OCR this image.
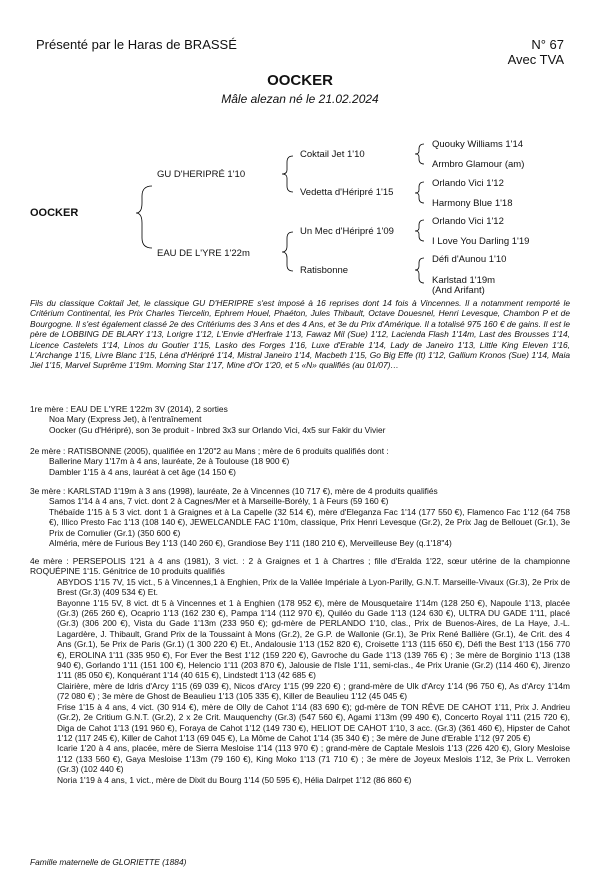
Présenté par le Haras de BRASSÉ	N° 67
Avec TVA
OOCKER
Mâle alezan né le 21.02.2024
OOCKER
GU D'HERIPRÉ 1'10
EAU DE L'YRE 1'22m
Coktail Jet 1'10
Vedetta d'Héripré 1'15
Un Mec d'Héripré 1'09
Ratisbonne
Quouky Williams 1'14
Armbro Glamour (am)
Orlando Vici 1'12
Harmony Blue 1'18
Orlando Vici 1'12
I Love You Darling 1'19
Défi d'Aunou 1'10
Karlstad 1'19m
(And Arifant)
Fils du classique Coktail Jet, le classique GU D'HERIPRE s'est imposé à 16 reprises dont 14 fois à Vincennes. Il a notamment remporté le Critérium Continental, les Prix Charles Tiercelin, Ephrem Houel, Phaéton, Jules Thibault, Octave Douesnel, Henri Levesque, Chambon P et de Bourgogne. Il s'est également classé 2e des Critériums des 3 Ans et des 4 Ans, et 3e du Prix d'Amérique. Il a totalisé 975 160 € de gains. Il est le père de LOBBING DE BLARY 1'13, Lorigre 1'12, L'Envie d'Herfraie 1'13, Fawaz Mil (Sue) 1'12, Lacienda Flash 1'14m, Last des Brousses 1'14, Licence Castelets 1'14, Linos du Goutier 1'15, Lasko des Forges 1'16, Luxe d'Erable 1'14, Lady de Janeiro 1'13, Little King Eleven 1'16, L'Archange 1'15, Livre Blanc 1'15, Léna d'Héripré 1'14, Mistral Janeiro 1'14, Macbeth 1'15, Go Big Effe (It) 1'12, Gallium Kronos (Sue) 1'14, Maia Jiel 1'15, Marvel Suprême 1'19m. Morning Star 1'17, Mine d'Or 1'20, et 5 «N» qualifiés (au 01/07)…
1re mère : EAU DE L'YRE 1'22m 3V (2014), 2 sorties
Noa Mary (Express Jet), à l'entraînement
Oocker (Gu d'Héripré), son 3e produit - Inbred 3x3 sur Orlando Vici, 4x5 sur Fakir du Vivier
2e mère : RATISBONNE (2005), qualifiée en 1'20"2 au Mans ; mère de 6 produits qualifiés dont :
Ballerine Mary 1'17m à 4 ans, lauréate, 2e à Toulouse (18 900 €)
Dambler 1'15 à 4 ans, lauréat à cet âge (14 150 €)
3e mère : KARLSTAD 1'19m à 3 ans (1998), lauréate, 2e à Vincennes (10 717 €), mère de 4 produits qualifiés
Samos 1'14 à 4 ans, 7 vict. dont 2 à Cagnes/Mer et à Marseille-Borély, 1 à Feurs (59 160 €)
Thébaïde 1'15 à 5 3 vict. dont 1 à Graignes et à La Capelle (32 514 €), mère d'Eleganza Fac 1'14 (177 550 €), Flamenco Fac 1'12 (64 758 €), Illico Presto Fac 1'13 (108 140 €), JEWELCANDLE FAC 1'10m, classique, Prix Henri Levesque (Gr.2), 2e Prix Jag de Bellouet (Gr.1), 3e Prix de Cornulier (Gr.1) (350 600 €)
Alméria, mère de Furious Bey 1'13 (140 260 €), Grandiose Bey 1'11 (180 210 €), Merveilleuse Bey (q.1'18"4)
4e mère : PERSEPOLIS 1'21 à 4 ans (1981), 3 vict. : 2 à Graignes et 1 à Chartres ; fille d'Eralda 1'22, sœur utérine de la championne ROQUÉPINE 1'15. Génitrice de 10 produits qualifiés
ABYDOS 1'15 7V, 15 vict., 5 à Vincennes,1 à Enghien, Prix de la Vallée Impériale à Lyon-Parilly, G.N.T. Marseille-Vivaux (Gr.3), 2e Prix de Brest (Gr.3) (409 534 €) Et.
Bayonne 1'15 5V, 8 vict. dt 5 à Vincennes et 1 à Enghien (178 952 €), mère de Mousquetaire 1'14m (128 250 €), Napoule 1'13, placée (Gr.3) (265 260 €), Ocaprio 1'13 (162 230 €), Pampa 1'14 (112 970 €), Quiléo du Gade 1'13 (124 630 €), ULTRA DU GADE 1'11, placé (Gr.3) (306 200 €), Vista du Gade 1'13m (233 950 €); gd-mère de PERLANDO 1'10, clas., Prix de Buenos-Aires, de La Haye, J.-L. Lagardère, J. Thibault, Grand Prix de la Toussaint à Mons (Gr.2), 2e G.P. de Wallonie (Gr.1), 3e Prix René Ballière (Gr.1), 4e Crit. des 4 Ans (Gr.1), 5e Prix de Paris (Gr.1) (1 300 220 €) Et., Andalousie 1'13 (152 820 €), Croisette 1'13 (115 650 €), Défi the Best 1'13 (156 770 €), EROLINA 1'11 (335 950 €), For Ever the Best 1'12 (159 220 €), Gavroche du Gade 1'13 (139 765 €) ; 3e mère de Borginio 1'13 (138 940 €), Gorlando 1'11 (151 100 €), Helencio 1'11 (203 870 €), Jalousie de l'Isle 1'11, semi-clas., 4e Prix Uranie (Gr.2) (114 460 €), Jirenzo 1'11 (85 050 €), Konquérant 1'14 (40 615 €), Lindstedt 1'13 (42 685 €)
Clairière, mère de Idris d'Arcy 1'15 (69 039 €), Nicos d'Arcy 1'15 (99 220 €) ; grand-mère de Ulk d'Arcy 1'14 (96 750 €), As d'Arcy 1'14m (72 080 €) ; 3e mère de Ghost de Beaulieu 1'13 (105 335 €), Killer de Beaulieu 1'12 (45 045 €)
Frise 1'15 à 4 ans, 4 vict. (30 914 €), mère de Olly de Cahot 1'14 (83 690 €); gd-mère de TON RÊVE DE CAHOT 1'11, Prix J. Andrieu (Gr.2), 2e Critium G.N.T. (Gr.2), 2 x 2e Crit. Mauquenchy (Gr.3) (547 560 €), Agami 1'13m (99 490 €), Concerto Royal 1'11 (215 720 €), Diga de Cahot 1'13 (191 960 €), Foraya de Cahot 1'12 (149 730 €), HELIOT DE CAHOT 1'10, 3 acc. (Gr.3) (361 460 €), Hipster de Cahot 1'12 (117 245 €), Killer de Cahot 1'13 (69 045 €), La Môme de Cahot 1'14 (35 340 €) ; 3e mère de June d'Erable 1'12 (97 205 €)
Icarie 1'20 à 4 ans, placée, mère de Sierra Mesloise 1'14 (113 970 €) ; grand-mère de Captale Meslois 1'13 (226 420 €), Glory Mesloise 1'12 (133 560 €), Gaya Mesloise 1'13m (79 160 €), King Moko 1'13 (71 710 €) ; 3e mère de Joyeux Meslois 1'12, 3e Prix L. Verroken (Gr.3) (102 440 €)
Noria 1'19 à 4 ans, 1 vict., mère de Dixit du Bourg 1'14 (50 595 €), Hélia Dalrpet 1'12 (86 860 €)
Famille maternelle de GLORIETTE (1884)
